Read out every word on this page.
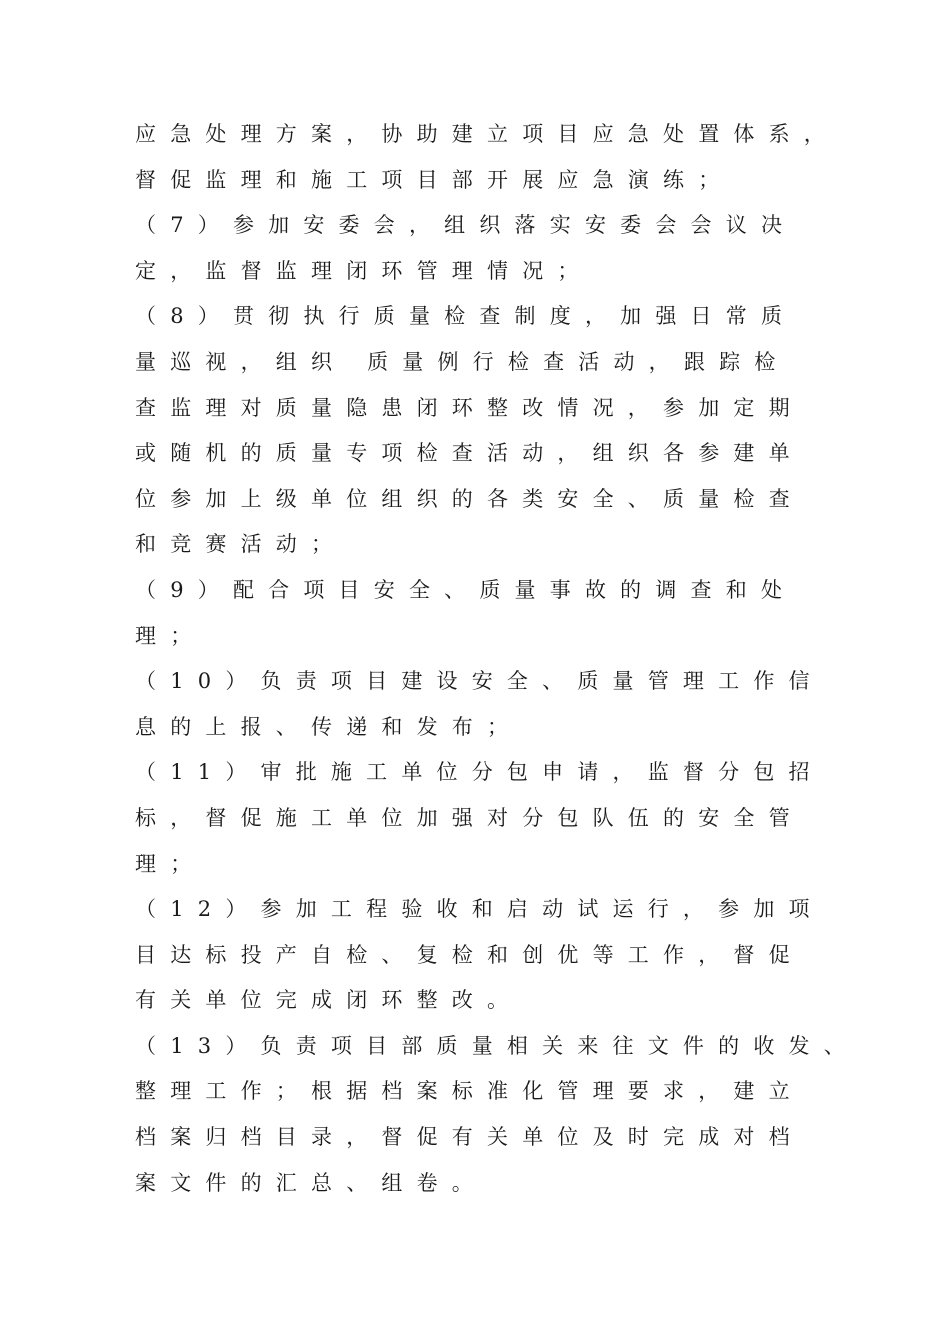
应急处理方案，协助建立项目应急处置体系，
督促监理和施工项目部开展应急演练；
（7）参加安委会，组织落实安委会会议决
定，监督监理闭环管理情况；
（8）贯彻执行质量检查制度，加强日常质
量巡视，组织 质量例行检查活动，跟踪检
查监理对质量隐患闭环整改情况，参加定期
或随机的质量专项检查活动，组织各参建单
位参加上级单位组织的各类安全、质量检查
和竞赛活动；
（9）配合项目安全、质量事故的调查和处
理；
（10）负责项目建设安全、质量管理工作信
息的上报、传递和发布；
（11）审批施工单位分包申请，监督分包招
标，督促施工单位加强对分包队伍的安全管
理；
（12）参加工程验收和启动试运行，参加项
目达标投产自检、复检和创优等工作，督促
有关单位完成闭环整改。
（13）负责项目部质量相关来往文件的收发、
整理工作；根据档案标准化管理要求，建立
档案归档目录，督促有关单位及时完成对档
案文件的汇总、组卷。
